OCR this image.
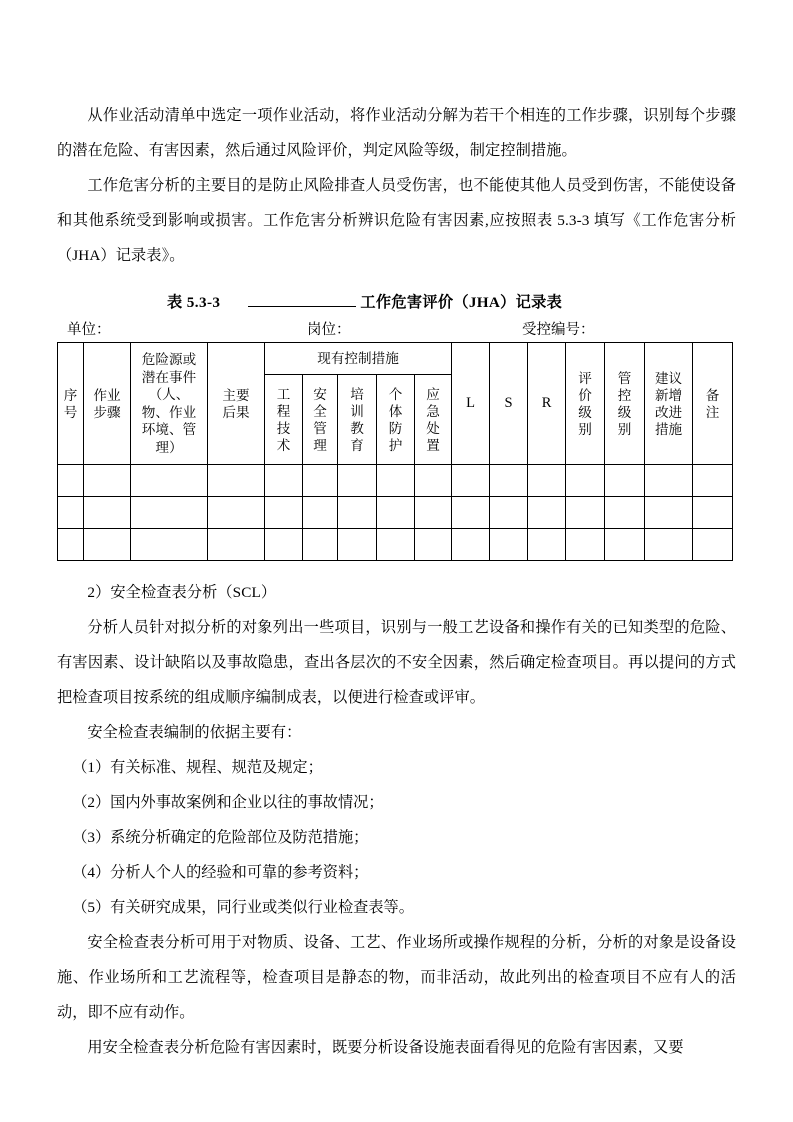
从作业活动清单中选定一项作业活动，将作业活动分解为若干个相连的工作步骤，识别每个步骤的潜在危险、有害因素，然后通过风险评价，判定风险等级，制定控制措施。

工作危害分析的主要目的是防止风险排查人员受伤害，也不能使其他人员受到伤害，不能使设备和其他系统受到影响或损害。工作危害分析辨识危险有害因素,应按照表 5.3-3 填写《工作危害分析（JHA）记录表》。

表 5.3-3	工作危害评价（JHA）记录表
单位：	岗位：	受控编号：
序号	作业步骤	危险源或潜在事件（人、物、作业环境、管理）	主要后果	现有控制措施					L	S	R	评价级别	管控级别	建议新增改进措施	备注
				工程技术	安全管理	培训教育	个体防护	应急处置							

2）安全检查表分析（SCL）

分析人员针对拟分析的对象列出一些项目，识别与一般工艺设备和操作有关的已知类型的危险、有害因素、设计缺陷以及事故隐患，查出各层次的不安全因素，然后确定检查项目。再以提问的方式把检查项目按系统的组成顺序编制成表，以便进行检查或评审。

安全检查表编制的依据主要有：

（1）有关标准、规程、规范及规定；

（2）国内外事故案例和企业以往的事故情况；

（3）系统分析确定的危险部位及防范措施；

（4）分析人个人的经验和可靠的参考资料；

（5）有关研究成果，同行业或类似行业检查表等。

安全检查表分析可用于对物质、设备、工艺、作业场所或操作规程的分析，分析的对象是设备设施、作业场所和工艺流程等，检查项目是静态的物，而非活动，故此列出的检查项目不应有人的活动，即不应有动作。

用安全检查表分析危险有害因素时，既要分析设备设施表面看得见的危险有害因素，又要
